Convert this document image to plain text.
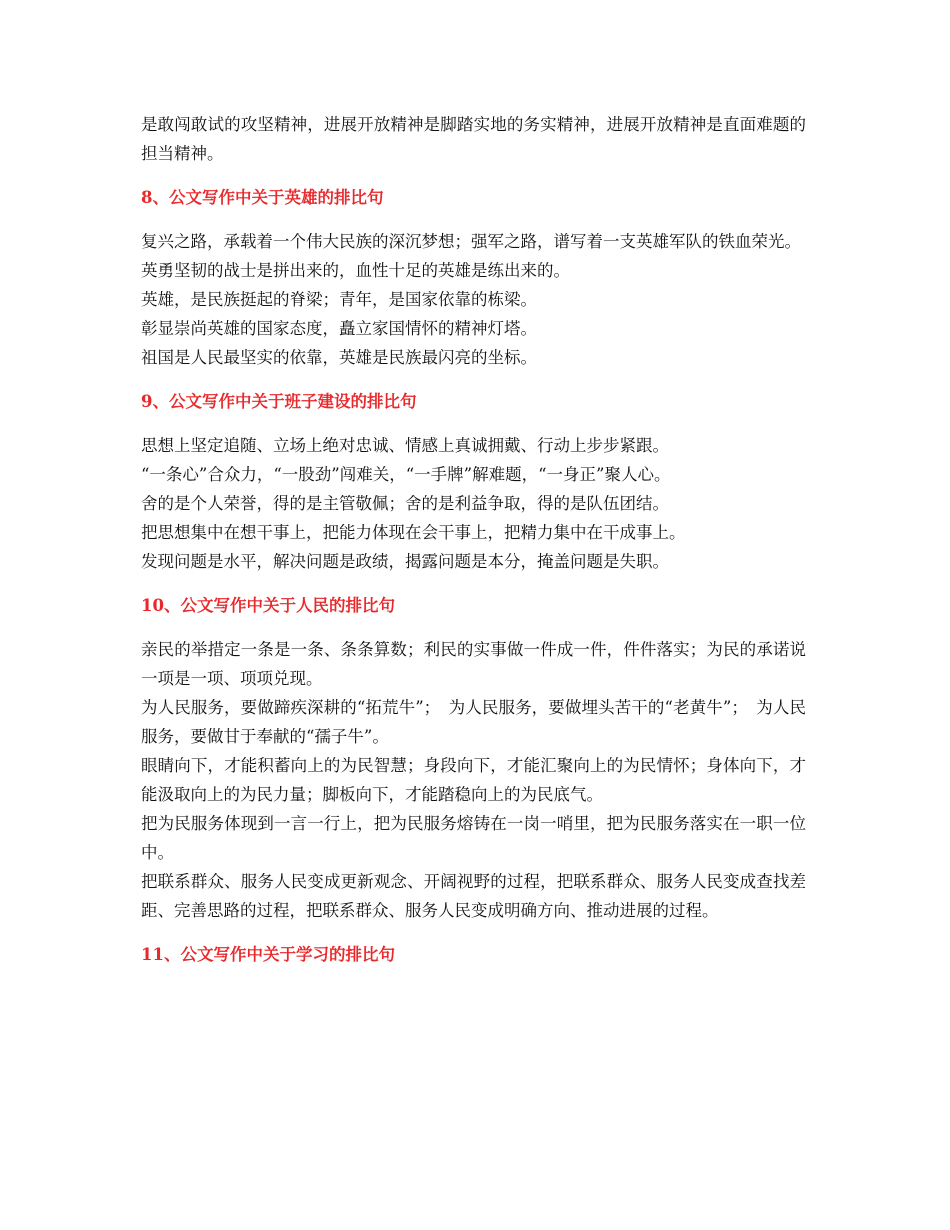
是敢闯敢试的攻坚精神，进展开放精神是脚踏实地的务实精神，进展开放精神是直面难题的担当精神。

8、公文写作中关于英雄的排比句

复兴之路，承载着一个伟大民族的深沉梦想；强军之路，谱写着一支英雄军队的铁血荣光。

英勇坚韧的战士是拼出来的，血性十足的英雄是练出来的。

英雄，是民族挺起的脊梁；青年，是国家依靠的栋梁。

彰显崇尚英雄的国家态度，矗立家国情怀的精神灯塔。

祖国是人民最坚实的依靠，英雄是民族最闪亮的坐标。

9、公文写作中关于班子建设的排比句

思想上坚定追随、立场上绝对忠诚、情感上真诚拥戴、行动上步步紧跟。

“一条心”合众力，“一股劲”闯难关，“一手牌”解难题，“一身正”聚人心。

舍的是个人荣誉，得的是主管敬佩；舍的是利益争取，得的是队伍团结。

把思想集中在想干事上，把能力体现在会干事上，把精力集中在干成事上。

发现问题是水平，解决问题是政绩，揭露问题是本分，掩盖问题是失职。

10、公文写作中关于人民的排比句

亲民的举措定一条是一条、条条算数；利民的实事做一件成一件，件件落实；为民的承诺说一项是一项、项项兑现。

为人民服务，要做蹄疾深耕的“拓荒牛”；　为人民服务，要做埋头苦干的“老黄牛”；　为人民服务，要做甘于奉献的“孺子牛”。

眼睛向下，才能积蓄向上的为民智慧；身段向下，才能汇聚向上的为民情怀；身体向下，才能汲取向上的为民力量；脚板向下，才能踏稳向上的为民底气。

把为民服务体现到一言一行上，把为民服务熔铸在一岗一哨里，把为民服务落实在一职一位中。

把联系群众、服务人民变成更新观念、开阔视野的过程，把联系群众、服务人民变成查找差距、完善思路的过程，把联系群众、服务人民变成明确方向、推动进展的过程。

11、公文写作中关于学习的排比句
